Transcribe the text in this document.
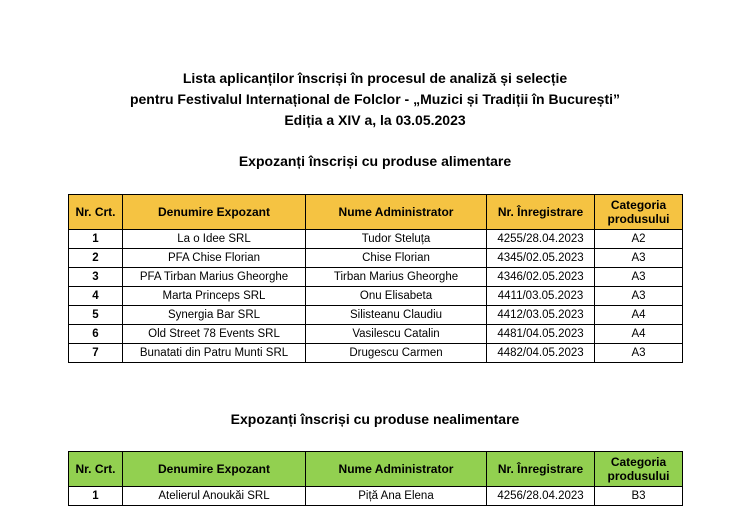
Lista aplicanților înscriși în procesul de analiză și selecție
pentru Festivalul Internațional de Folclor - „Muzici și Tradiții în București”
Ediția a XIV a, la 03.05.2023
Expozanți înscriși cu produse alimentare
Nr. Crt.	Denumire Expozant	Nume Administrator	Nr. Înregistrare	Categoria produsului
1	La o Idee SRL	Tudor Steluța	4255/28.04.2023	A2
2	PFA Chise Florian	Chise Florian	4345/02.05.2023	A3
3	PFA Tirban Marius Gheorghe	Tirban Marius Gheorghe	4346/02.05.2023	A3
4	Marta Princeps SRL	Onu Elisabeta	4411/03.05.2023	A3
5	Synergia Bar SRL	Silisteanu Claudiu	4412/03.05.2023	A4
6	Old Street 78 Events SRL	Vasilescu Catalin	4481/04.05.2023	A4
7	Bunatati din Patru Munti SRL	Drugescu Carmen	4482/04.05.2023	A3
Expozanți înscriși cu produse nealimentare
Nr. Crt.	Denumire Expozant	Nume Administrator	Nr. Înregistrare	Categoria produsului
1	Atelierul Anoukăi SRL	Piță Ana Elena	4256/28.04.2023	B3
